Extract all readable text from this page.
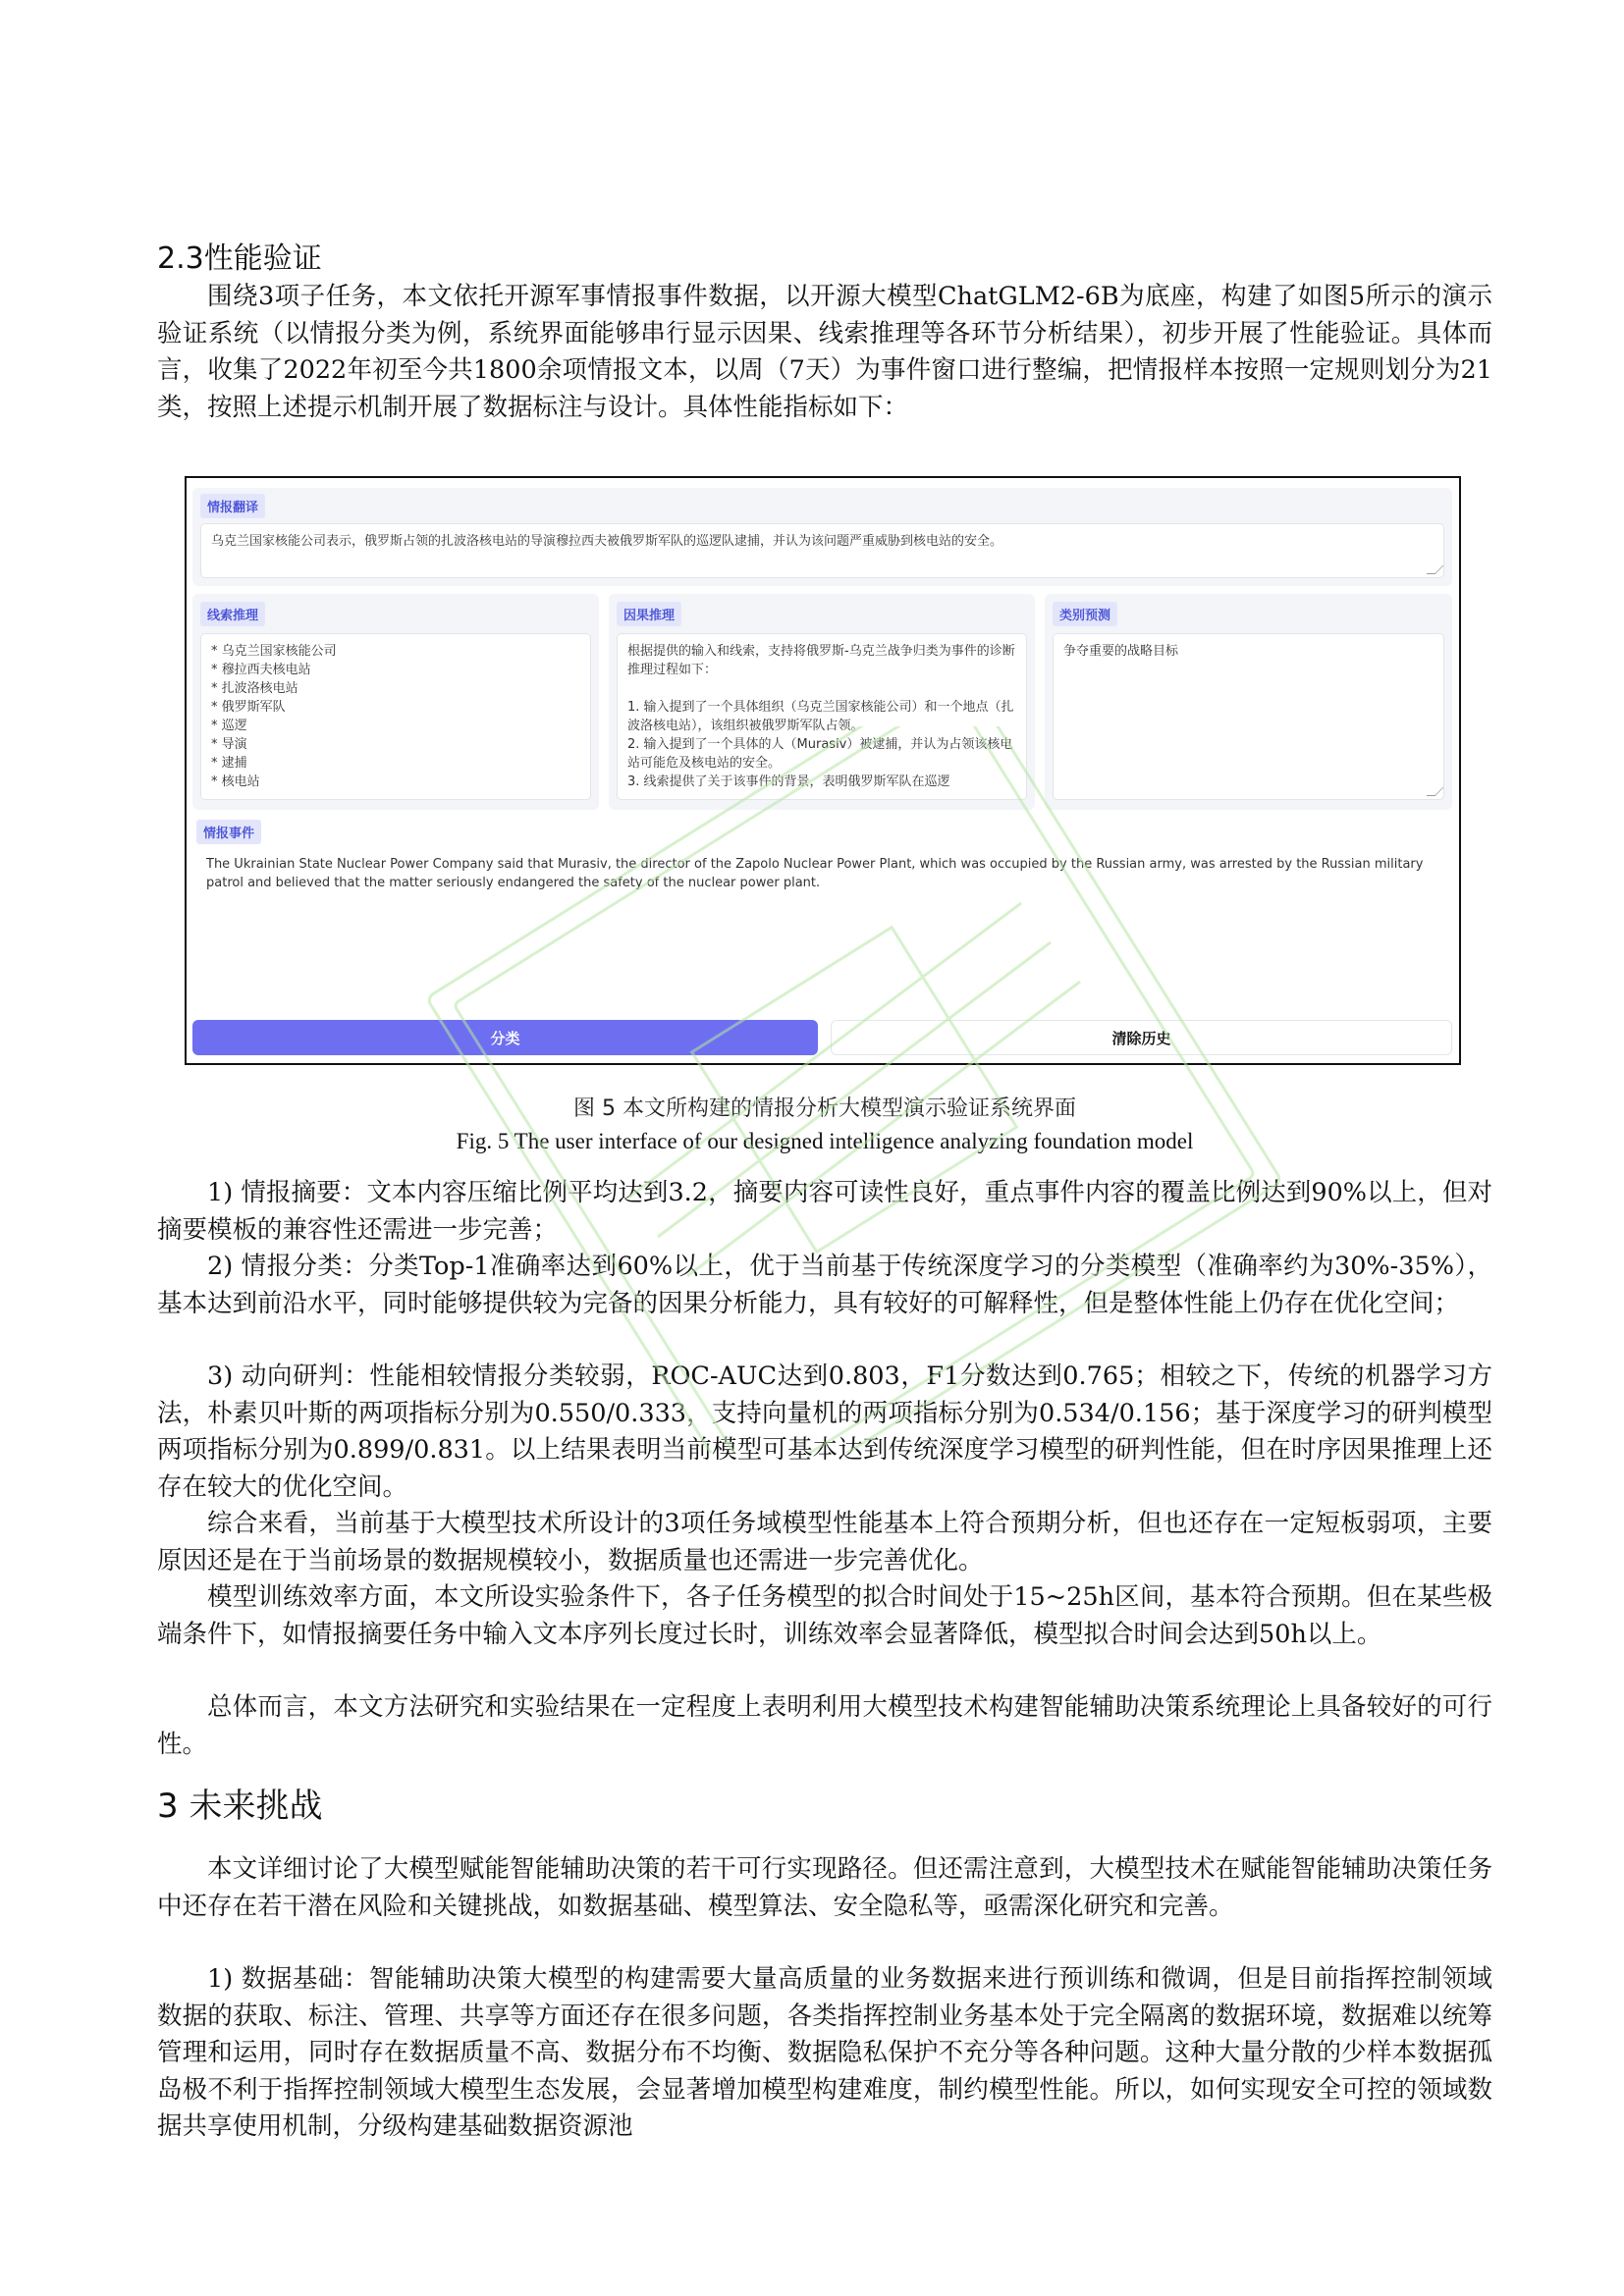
2.3性能验证

围绕3项子任务，本文依托开源军事情报事件数据，以开源大模型ChatGLM2-6B为底座，构建了如图5所示的演示验证系统（以情报分类为例，系统界面能够串行显示因果、线索推理等各环节分析结果），初步开展了性能验证。具体而言，收集了2022年初至今共1800余项情报文本，以周（7天）为事件窗口进行整编，把情报样本按照一定规则划分为21类，按照上述提示机制开展了数据标注与设计。具体性能指标如下：

情报翻译
乌克兰国家核能公司表示，俄罗斯占领的扎波洛核电站的导演穆拉西夫被俄罗斯军队的巡逻队逮捕，并认为该问题严重威胁到核电站的安全。
线索推理
* 乌克兰国家核能公司
* 穆拉西夫核电站
* 扎波洛核电站
* 俄罗斯军队
* 巡逻
* 导演
* 逮捕
* 核电站
因果推理

根据提供的输入和线索，支持将俄罗斯-乌克兰战争归类为事件的诊断推理过程如下：

1. 输入提到了一个具体组织（乌克兰国家核能公司）和一个地点（扎波洛核电站），该组织被俄罗斯军队占领。

2. 输入提到了一个具体的人（Murasiv）被逮捕，并认为占领该核电站可能危及核电站的安全。

3. 线索提供了关于该事件的背景，表明俄罗斯军队在巡逻

类别预测
争夺重要的战略目标
情报事件
The Ukrainian State Nuclear Power Company said that Murasiv, the director of the Zapolo Nuclear Power Plant, which was occupied by the Russian army, was arrested by the Russian military patrol and believed that the matter seriously endangered the safety of the nuclear power plant.
分类	清除历史
图 5 本文所构建的情报分析大模型演示验证系统界面
Fig. 5 The user interface of our designed intelligence analyzing foundation model

1) 情报摘要：文本内容压缩比例平均达到3.2，摘要内容可读性良好，重点事件内容的覆盖比例达到90%以上，但对摘要模板的兼容性还需进一步完善；

2) 情报分类：分类Top-1准确率达到60%以上，优于当前基于传统深度学习的分类模型（准确率约为30%-35%），基本达到前沿水平，同时能够提供较为完备的因果分析能力，具有较好的可解释性，但是整体性能上仍存在优化空间；

3) 动向研判：性能相较情报分类较弱，ROC-AUC达到0.803，F1分数达到0.765；相较之下，传统的机器学习方法，朴素贝叶斯的两项指标分别为0.550/0.333，支持向量机的两项指标分别为0.534/0.156；基于深度学习的研判模型两项指标分别为0.899/0.831。以上结果表明当前模型可基本达到传统深度学习模型的研判性能，但在时序因果推理上还存在较大的优化空间。

综合来看，当前基于大模型技术所设计的3项任务域模型性能基本上符合预期分析，但也还存在一定短板弱项，主要原因还是在于当前场景的数据规模较小，数据质量也还需进一步完善优化。

模型训练效率方面，本文所设实验条件下，各子任务模型的拟合时间处于15~25h区间，基本符合预期。但在某些极端条件下，如情报摘要任务中输入文本序列长度过长时，训练效率会显著降低，模型拟合时间会达到50h以上。

总体而言，本文方法研究和实验结果在一定程度上表明利用大模型技术构建智能辅助决策系统理论上具备较好的可行性。

3 未来挑战

本文详细讨论了大模型赋能智能辅助决策的若干可行实现路径。但还需注意到，大模型技术在赋能智能辅助决策任务中还存在若干潜在风险和关键挑战，如数据基础、模型算法、安全隐私等，亟需深化研究和完善。

1) 数据基础：智能辅助决策大模型的构建需要大量高质量的业务数据来进行预训练和微调，但是目前指挥控制领域数据的获取、标注、管理、共享等方面还存在很多问题，各类指挥控制业务基本处于完全隔离的数据环境，数据难以统筹管理和运用，同时存在数据质量不高、数据分布不均衡、数据隐私保护不充分等各种问题。这种大量分散的少样本数据孤岛极不利于指挥控制领域大模型生态发展，会显著增加模型构建难度，制约模型性能。所以，如何实现安全可控的领域数据共享使用机制，分级构建基础数据资源池
